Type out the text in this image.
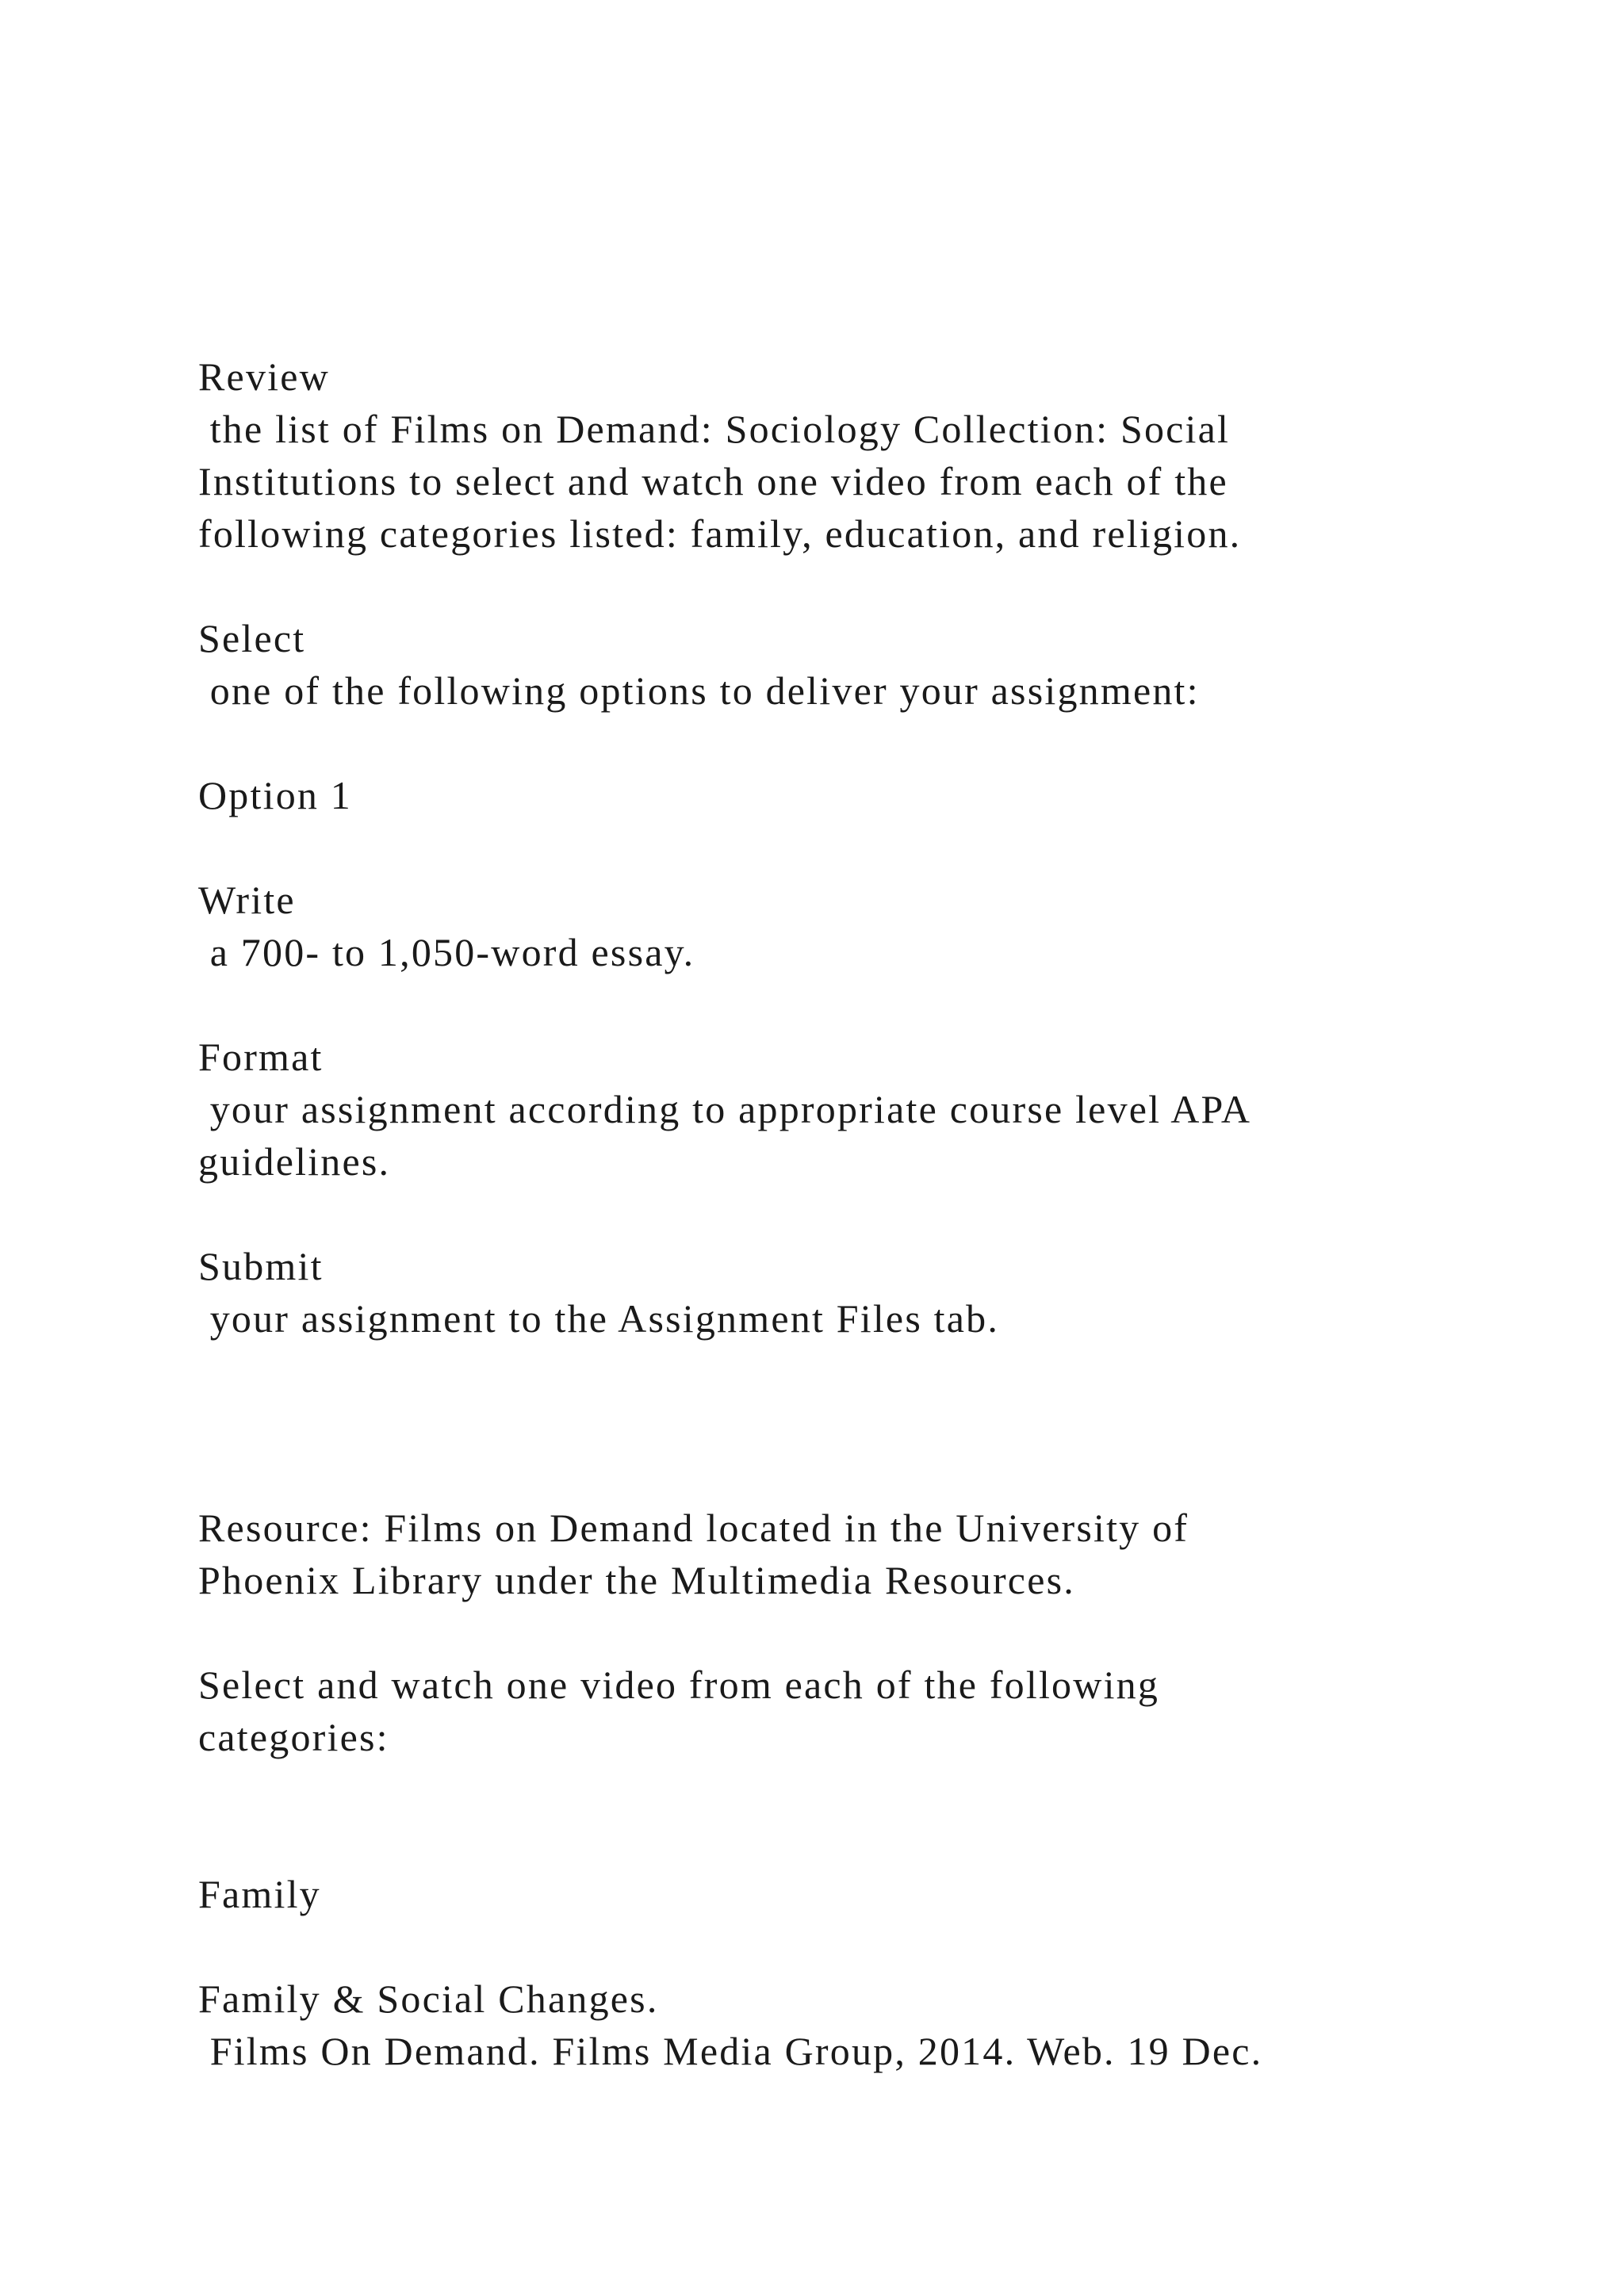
Review
the list of Films on Demand: Sociology Collection: Social
Institutions to select and watch one video from each of the
following categories listed: family, education, and religion.
Select
one of the following options to deliver your assignment:
Option 1
Write
a 700- to 1,050-word essay.
Format
your assignment according to appropriate course level APA
guidelines.
Submit
your assignment to the Assignment Files tab.
Resource: Films on Demand located in the University of
Phoenix Library under the Multimedia Resources.
Select and watch one video from each of the following
categories:
Family
Family & Social Changes.
Films On Demand. Films Media Group, 2014. Web. 19 Dec.
